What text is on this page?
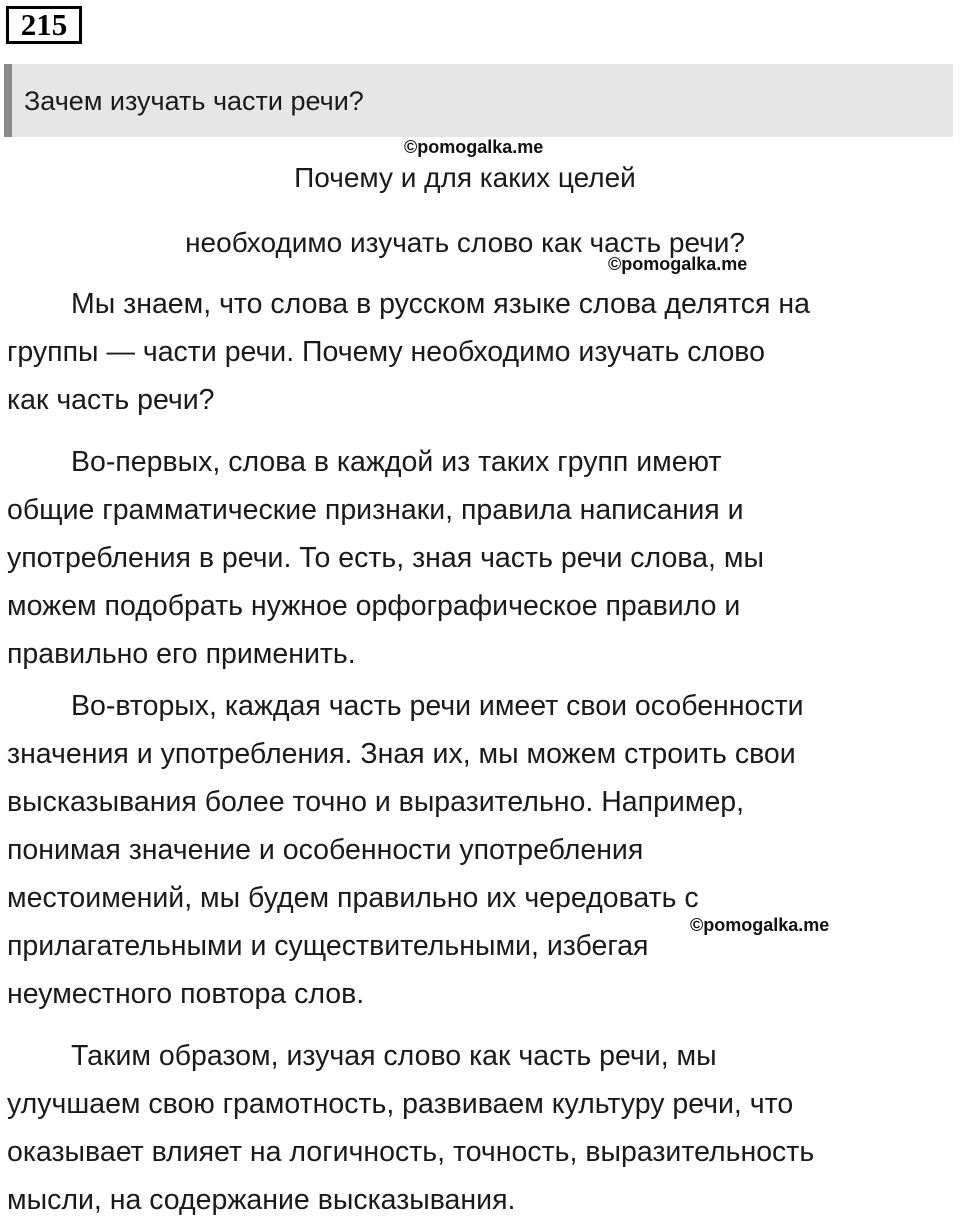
215
Зачем изучать части речи?
©pomogalka.me
Почему и для каких целей
необходимо изучать слово как часть речи?
©pomogalka.me

Мы знаем, что слова в русском языке слова делятся на
группы — части речи. Почему необходимо изучать слово
как часть речи?

Во-первых, слова в каждой из таких групп имеют
общие грамматические признаки, правила написания и
употребления в речи. То есть, зная часть речи слова, мы
можем подобрать нужное орфографическое правило и
правильно его применить.

Во-вторых, каждая часть речи имеет свои особенности
значения и употребления. Зная их, мы можем строить свои
высказывания более точно и выразительно. Например,
понимая значение и особенности употребления
местоимений, мы будем правильно их чередовать с
прилагательными и существительными, избегая
неуместного повтора слов.

©pomogalka.me

Таким образом, изучая слово как часть речи, мы
улучшаем свою грамотность, развиваем культуру речи, что
оказывает влияет на логичность, точность, выразительность
мысли, на содержание высказывания.
